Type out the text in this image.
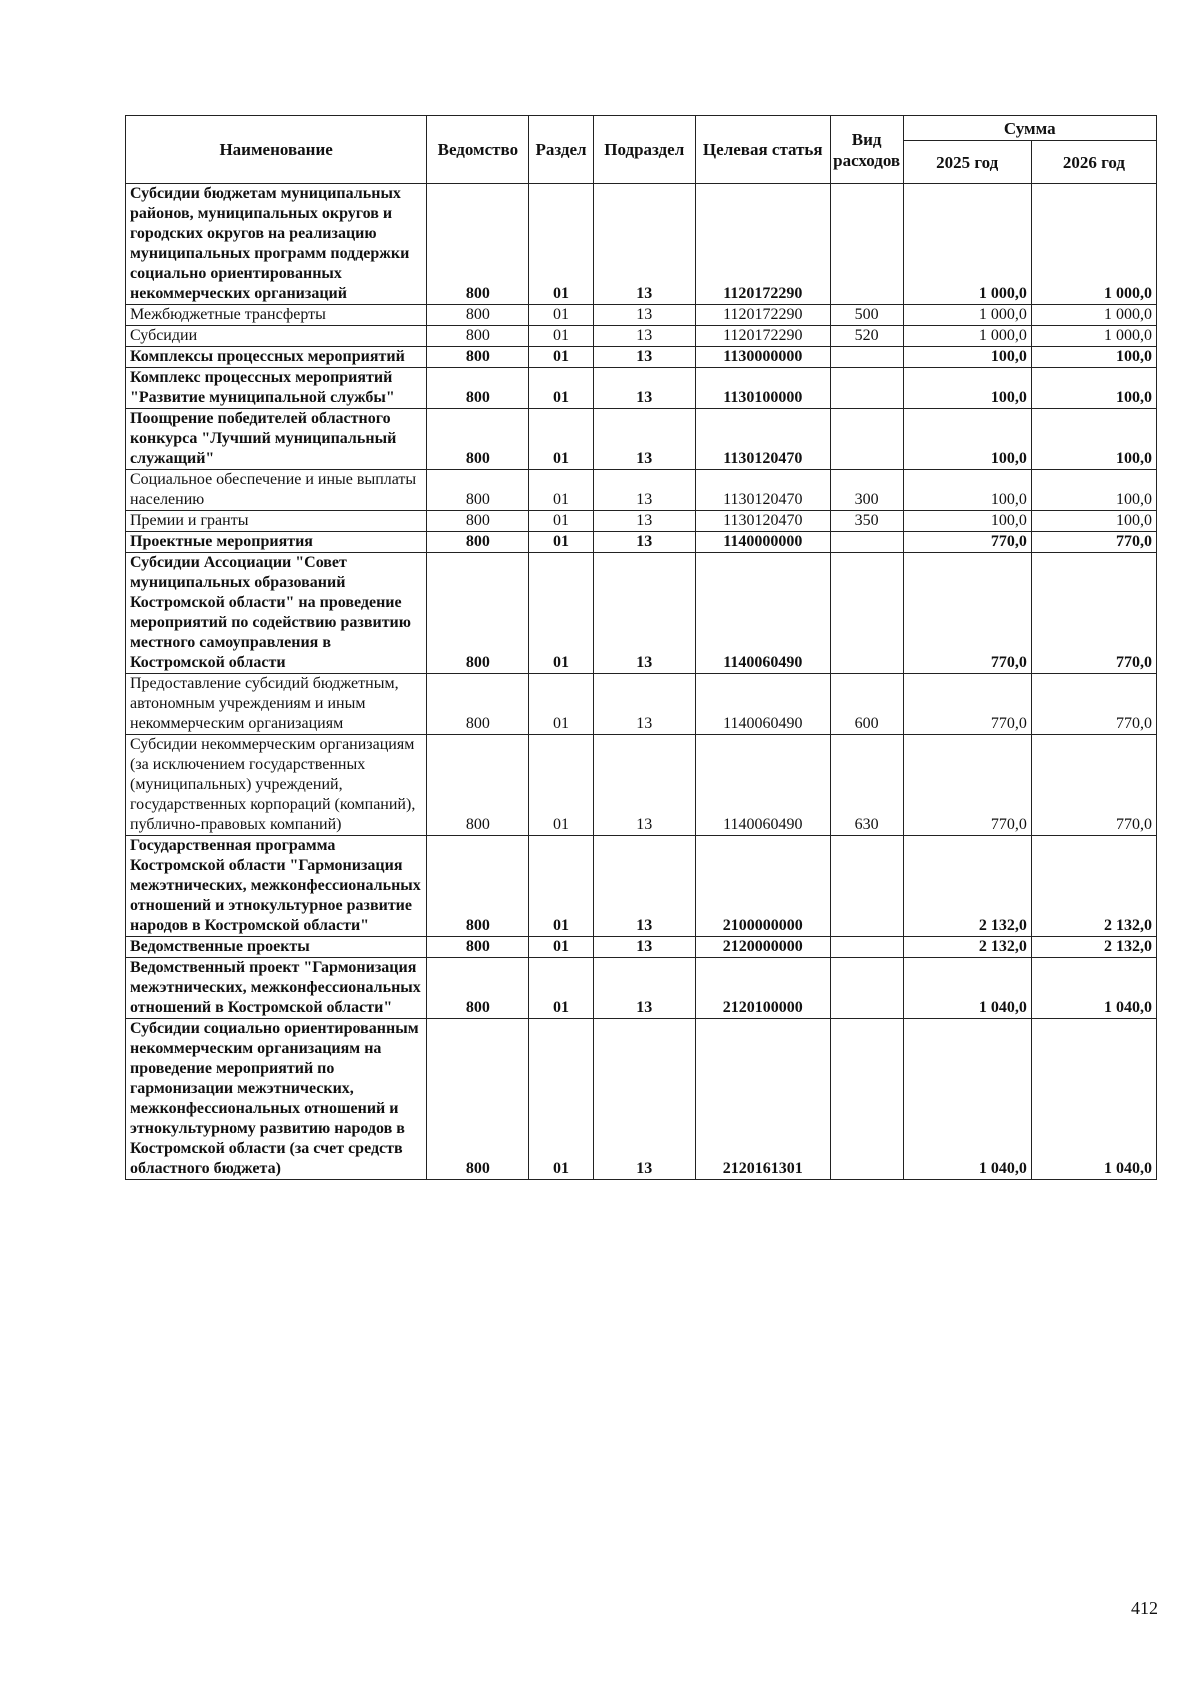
Наименование	Ведомство	Раздел	Подраздел	Целевая статья	Вид расходов	Сумма	
						2025 год	2026 год
Субсидии бюджетам муниципальных районов, муниципальных округов и городских округов на реализацию муниципальных программ поддержки социально ориентированных некоммерческих организаций	800	01	13	1120172290		1 000,0	1 000,0
Межбюджетные трансферты	800	01	13	1120172290	500	1 000,0	1 000,0
Субсидии	800	01	13	1120172290	520	1 000,0	1 000,0
Комплексы процессных мероприятий	800	01	13	1130000000		100,0	100,0
Комплекс процессных мероприятий "Развитие муниципальной службы"	800	01	13	1130100000		100,0	100,0
Поощрение победителей областного конкурса "Лучший муниципальный служащий"	800	01	13	1130120470		100,0	100,0
Социальное обеспечение и иные выплаты населению	800	01	13	1130120470	300	100,0	100,0
Премии и гранты	800	01	13	1130120470	350	100,0	100,0
Проектные мероприятия	800	01	13	1140000000		770,0	770,0
Субсидии Ассоциации "Совет муниципальных образований Костромской области" на проведение мероприятий по содействию развитию местного самоуправления в Костромской области	800	01	13	1140060490		770,0	770,0
Предоставление субсидий бюджетным, автономным учреждениям и иным некоммерческим организациям	800	01	13	1140060490	600	770,0	770,0
Субсидии некоммерческим организациям (за исключением государственных (муниципальных) учреждений, государственных корпораций (компаний), публично-правовых компаний)	800	01	13	1140060490	630	770,0	770,0
Государственная программа Костромской области "Гармонизация межэтнических, межконфессиональных отношений и этнокультурное развитие народов в Костромской области"	800	01	13	2100000000		2 132,0	2 132,0
Ведомственные проекты	800	01	13	2120000000		2 132,0	2 132,0
Ведомственный проект "Гармонизация межэтнических, межконфессиональных отношений в Костромской области"	800	01	13	2120100000		1 040,0	1 040,0
Субсидии социально ориентированным некоммерческим организациям на проведение мероприятий по гармонизации межэтнических, межконфессиональных отношений и этнокультурному развитию народов в Костромской области (за счет средств областного бюджета)	800	01	13	2120161301		1 040,0	1 040,0
412
